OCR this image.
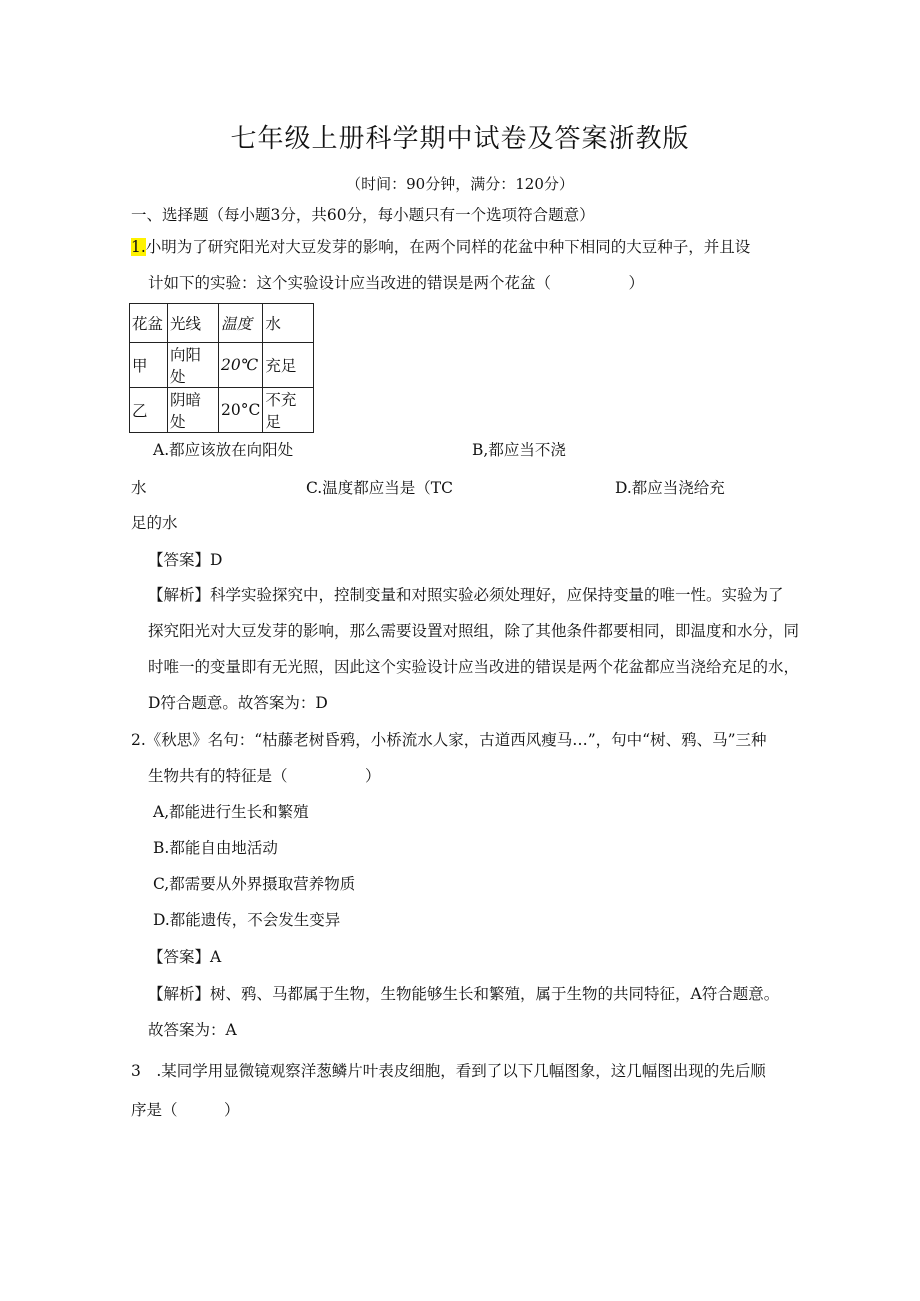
七年级上册科学期中试卷及答案浙教版
（时间：90分钟，满分：120分）
一、选择题（每小题3分，共60分，每小题只有一个选项符合题意）
1.小明为了研究阳光对大豆发芽的影响，在两个同样的花盆中种下相同的大豆种子，并且设
计如下的实验：这个实验设计应当改进的错误是两个花盆（　　　　　）
花盆	光线	温度	水
甲	向阳处	20℃	充足
乙	阴暗处	20°C	不充足
A.都应该放在向阳处	B,都应当不浇
水	C.温度都应当是（TC	D.都应当浇给充
足的水
【答案】D
【解析】科学实验探究中，控制变量和对照实验必须处理好，应保持变量的唯一性。实验为了
探究阳光对大豆发芽的影响，那么需要设置对照组，除了其他条件都要相同，即温度和水分，同
时唯一的变量即有无光照，因此这个实验设计应当改进的错误是两个花盆都应当浇给充足的水，
D符合题意。故答案为：D
2.《秋思》名句：“枯藤老树昏鸦，小桥流水人家，古道西风瘦马…”，句中“树、鸦、马”三种
生物共有的特征是（　　　　　）
A,都能进行生长和繁殖
B.都能自由地活动
C,都需要从外界摄取营养物质
D.都能遗传，不会发生变异
【答案】A
【解析】树、鸦、马都属于生物，生物能够生长和繁殖，属于生物的共同特征，A符合题意。
故答案为：A
3　.某同学用显微镜观察洋葱鳞片叶表皮细胞，看到了以下几幅图象，这几幅图出现的先后顺
序是（　　　）
